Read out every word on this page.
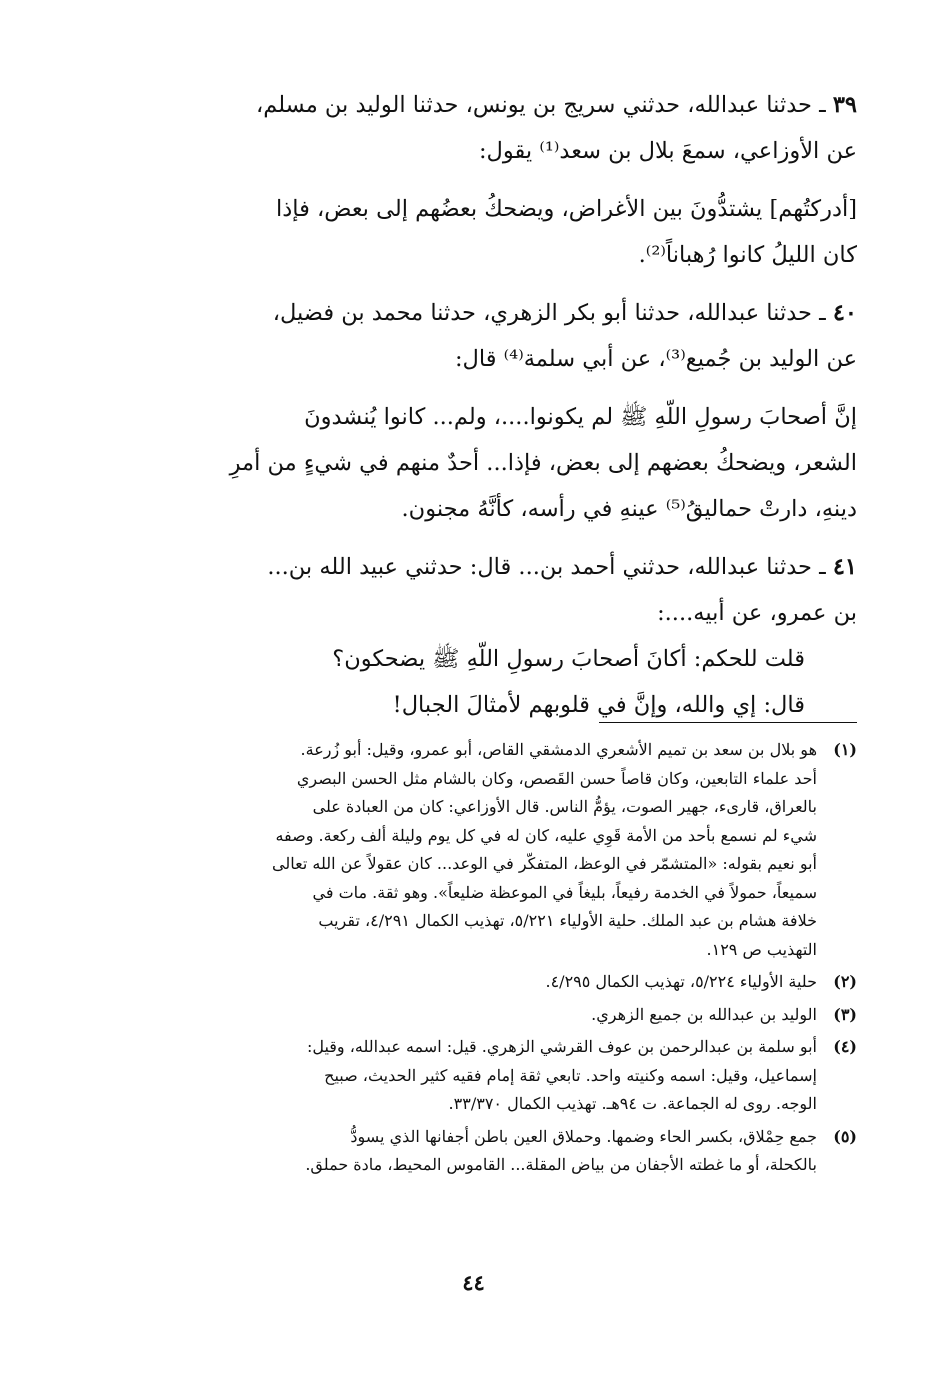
٣٩ ـ حدثنا عبدالله، حدثني سريج بن يونس، حدثنا الوليد بن مسلم،

عن الأوزاعي، سمعَ بلال بن سعد⁽¹⁾ يقول:

[أدركتُهم] يشتدُّونَ بين الأغراض، ويضحكُ بعضُهم إلى بعض، فإذا

كان الليلُ كانوا رُهباناً⁽²⁾.

٤٠ ـ حدثنا عبدالله، حدثنا أبو بكر الزهري، حدثنا محمد بن فضيل،

عن الوليد بن جُميع⁽³⁾، عن أبي سلمة⁽⁴⁾ قال:

إنَّ أصحابَ رسولِ اللّهِ ﷺ لم يكونوا....، ولم... كانوا يُنشدونَ

الشعر، ويضحكُ بعضهم إلى بعض، فإذا... أحدٌ منهم في شيءٍ من أمرِ

دينهِ، دارتْ حماليقُ⁽⁵⁾ عينهِ في رأسه، كأنَّهُ مجنون.

٤١ ـ حدثنا عبدالله، حدثني أحمد بن... قال: حدثني عبيد الله بن...

بن عمرو، عن أبيه....:

قلت للحكم: أكانَ أصحابَ رسولِ اللّهِ ﷺ يضحكون؟

قال: إي والله، وإنَّ في قلوبهم لأمثالَ الجبال!

(١)
هو بلال بن سعد بن تميم الأشعري الدمشقي القاص، أبو عمرو، وقيل: أبو زُرعة.
أحد علماء التابعين، وكان قاصاً حسن القَصص، وكان بالشام مثل الحسن البصري
بالعراق، قارىء، جهير الصوت، يؤمُّ الناس. قال الأوزاعي: كان من العبادة على
شيء لم نسمع بأحد من الأمة قَوِي عليه، كان له في كل يوم وليلة ألف ركعة. وصفه
أبو نعيم بقوله: «المتشمّر في الوعظ، المتفكّر في الوعد... كان عقولاً عن الله تعالى
سميعاً، حمولاً في الخدمة رفيعاً، بليغاً في الموعظة ضليعاً». وهو ثقة. مات في
خلافة هشام بن عبد الملك. حلية الأولياء ٥/٢٢١، تهذيب الكمال ٤/٢٩١، تقريب
التهذيب ص ١٢٩.
(٢)
حلية الأولياء ٥/٢٢٤، تهذيب الكمال ٤/٢٩٥.
(٣)
الوليد بن عبدالله بن جميع الزهري.
(٤)
أبو سلمة بن عبدالرحمن بن عوف القرشي الزهري. قيل: اسمه عبدالله، وقيل:
إسماعيل، وقيل: اسمه وكنيته واحد. تابعي ثقة إمام فقيه كثير الحديث، صبيح
الوجه. روى له الجماعة. ت ٩٤هـ. تهذيب الكمال ٣٣/٣٧٠.
(٥)
جمع حِمْلاق، بكسر الحاء وضمها. وحملاق العين باطن أجفانها الذي يسودُّ
بالكحلة، أو ما غطته الأجفان من بياض المقلة... القاموس المحيط، مادة حملق.
٤٤
